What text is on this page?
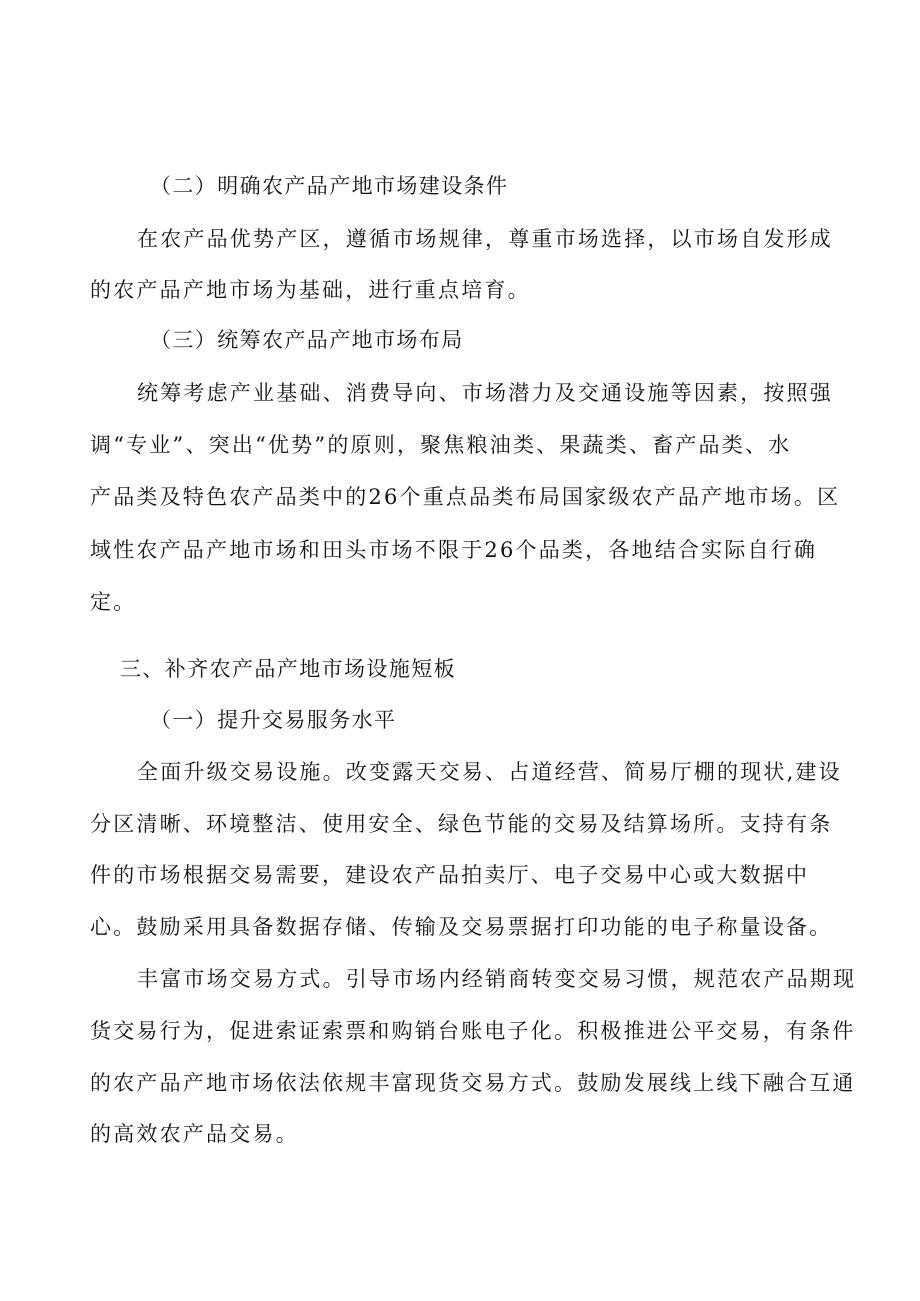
（二）明确农产品产地市场建设条件
在农产品优势产区，遵循市场规律，尊重市场选择，以市场自发形成
的农产品产地市场为基础，进行重点培育。
（三）统筹农产品产地市场布局
统筹考虑产业基础、消费导向、市场潜力及交通设施等因素，按照强
调“专业”、突出“优势”的原则，聚焦粮油类、果蔬类、畜产品类、水
产品类及特色农产品类中的26个重点品类布局国家级农产品产地市场。区
域性农产品产地市场和田头市场不限于26个品类，各地结合实际自行确
定。
三、补齐农产品产地市场设施短板
（一）提升交易服务水平
全面升级交易设施。改变露天交易、占道经营、简易厅棚的现状,建设
分区清晰、环境整洁、使用安全、绿色节能的交易及结算场所。支持有条
件的市场根据交易需要，建设农产品拍卖厅、电子交易中心或大数据中
心。鼓励采用具备数据存储、传输及交易票据打印功能的电子称量设备。
丰富市场交易方式。引导市场内经销商转变交易习惯，规范农产品期现
货交易行为，促进索证索票和购销台账电子化。积极推进公平交易，有条件
的农产品产地市场依法依规丰富现货交易方式。鼓励发展线上线下融合互通
的高效农产品交易。
